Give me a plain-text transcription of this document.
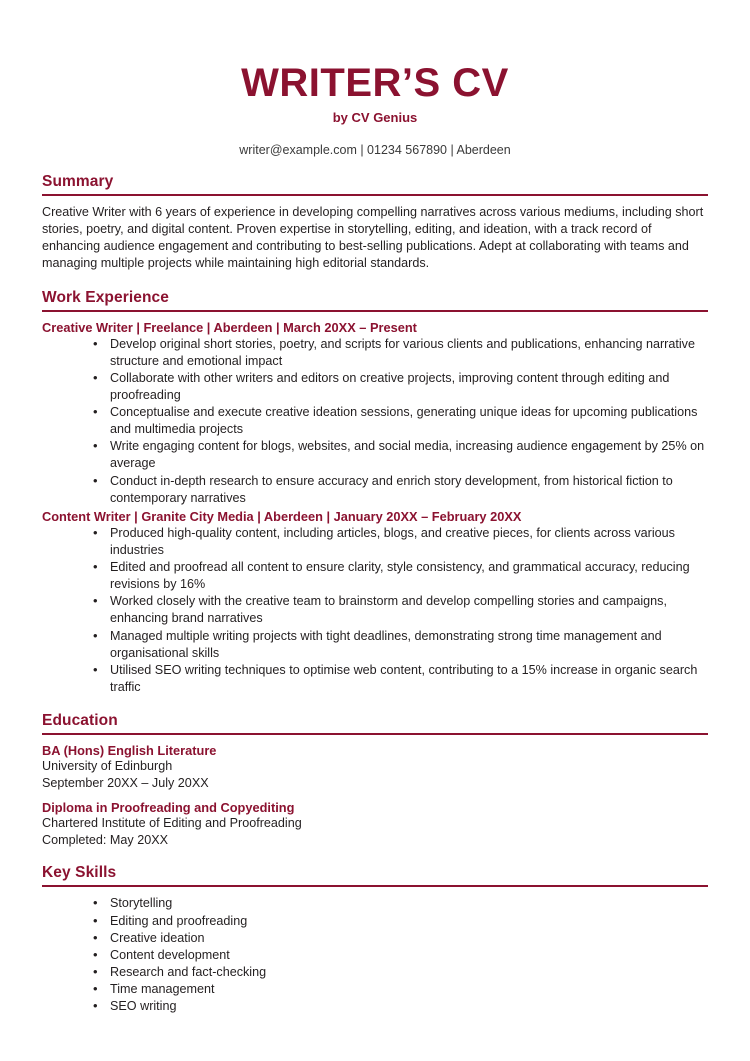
WRITER’S CV
by CV Genius
writer@example.com | 01234 567890 | Aberdeen
Summary

Creative Writer with 6 years of experience in developing compelling narratives across various mediums, including short stories, poetry, and digital content. Proven expertise in storytelling, editing, and ideation, with a track record of enhancing audience engagement and contributing to best-selling publications. Adept at collaborating with teams and managing multiple projects while maintaining high editorial standards.

Work Experience
Creative Writer | Freelance | Aberdeen | March 20XX – Present
• Develop original short stories, poetry, and scripts for various clients and publications, enhancing narrative structure and emotional impact
• Collaborate with other writers and editors on creative projects, improving content through editing and proofreading
• Conceptualise and execute creative ideation sessions, generating unique ideas for upcoming publications and multimedia projects
• Write engaging content for blogs, websites, and social media, increasing audience engagement by 25% on average
• Conduct in-depth research to ensure accuracy and enrich story development, from historical fiction to contemporary narratives
Content Writer | Granite City Media | Aberdeen | January 20XX – February 20XX
• Produced high-quality content, including articles, blogs, and creative pieces, for clients across various industries
• Edited and proofread all content to ensure clarity, style consistency, and grammatical accuracy, reducing revisions by 16%
• Worked closely with the creative team to brainstorm and develop compelling stories and campaigns, enhancing brand narratives
• Managed multiple writing projects with tight deadlines, demonstrating strong time management and organisational skills
• Utilised SEO writing techniques to optimise web content, contributing to a 15% increase in organic search traffic
Education
BA (Hons) English Literature
University of Edinburgh
September 20XX – July 20XX
Diploma in Proofreading and Copyediting
Chartered Institute of Editing and Proofreading
Completed: May 20XX
Key Skills
• Storytelling
• Editing and proofreading
• Creative ideation
• Content development
• Research and fact-checking
• Time management
• SEO writing
